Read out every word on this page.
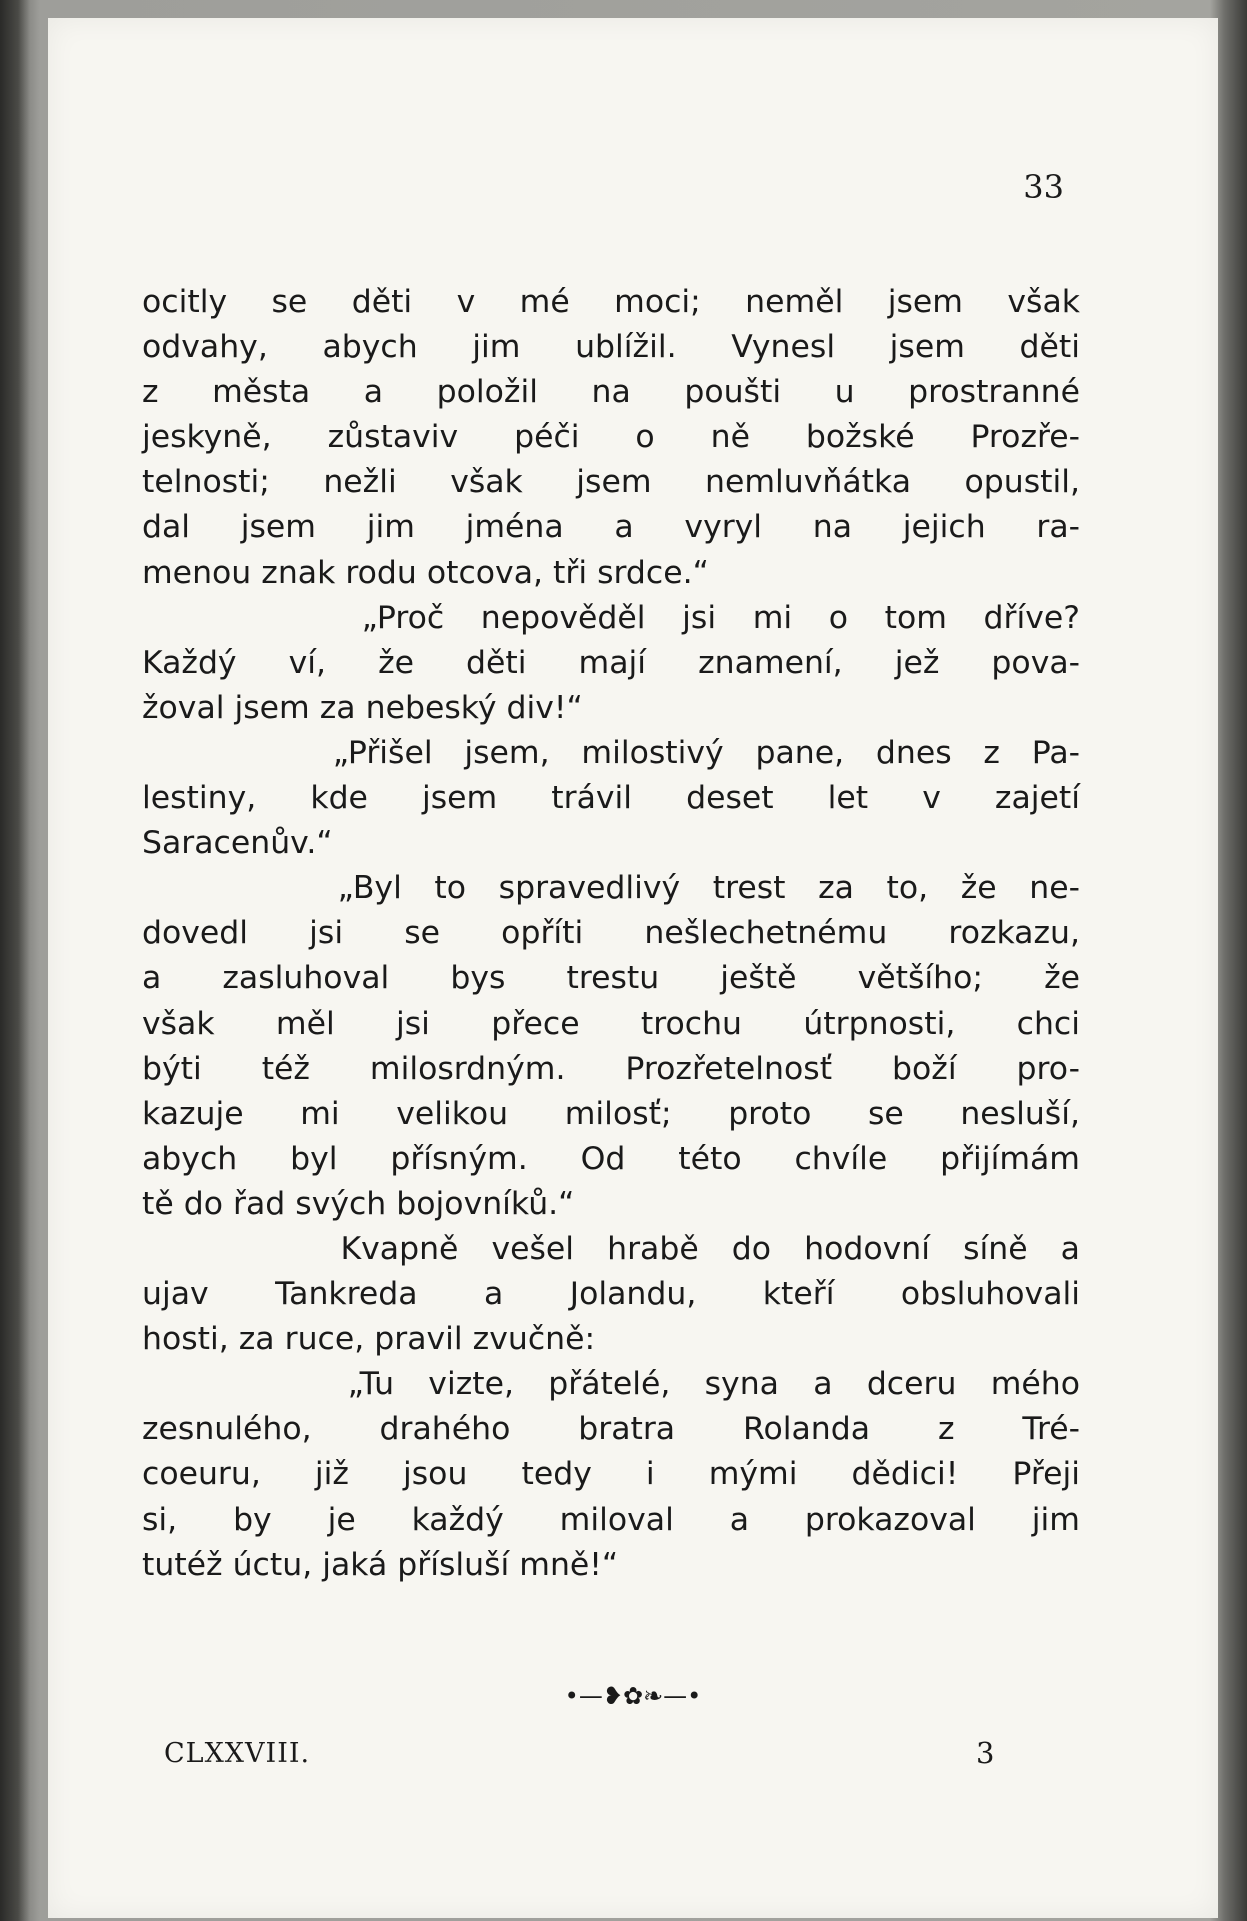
33
ocitly se děti v mé moci; neměl jsem však
odvahy, abych jim ublížil. Vynesl jsem děti
z města a položil na poušti u prostranné
jeskyně, zůstaviv péči o ně božské Prozře-
telnosti; nežli však jsem nemluvňátka opustil,
dal jsem jim jména a vyryl na jejich ra-
menou znak rodu otcova, tři srdce.“
„Proč nepověděl jsi mi o tom dříve?
Každý ví, že děti mají znamení, jež pova-
žoval jsem za nebeský div!“
„Přišel jsem, milostivý pane, dnes z Pa-
lestiny, kde jsem trávil deset let v zajetí
Saracenův.“
„Byl to spravedlivý trest za to, že ne-
dovedl jsi se opříti nešlechetnému rozkazu,
a zasluhoval bys trestu ještě většího; že
však měl jsi přece trochu útrpnosti, chci
býti též milosrdným. Prozřetelnosť boží pro-
kazuje mi velikou milosť; proto se nesluší,
abych byl přísným. Od této chvíle přijímám
tě do řad svých bojovníků.“
Kvapně vešel hrabě do hodovní síně a
ujav Tankreda a Jolandu, kteří obsluhovali
hosti, za ruce, pravil zvučně:
„Tu vizte, přátelé, syna a dceru mého
zesnulého, drahého bratra Rolanda z Tré-
coeuru, již jsou tedy i mými dědici! Přeji
si, by je každý miloval a prokazoval jim
tutéž úctu, jaká přísluší mně!“
•—❥✿❧—•
CLXXVIII.	3
